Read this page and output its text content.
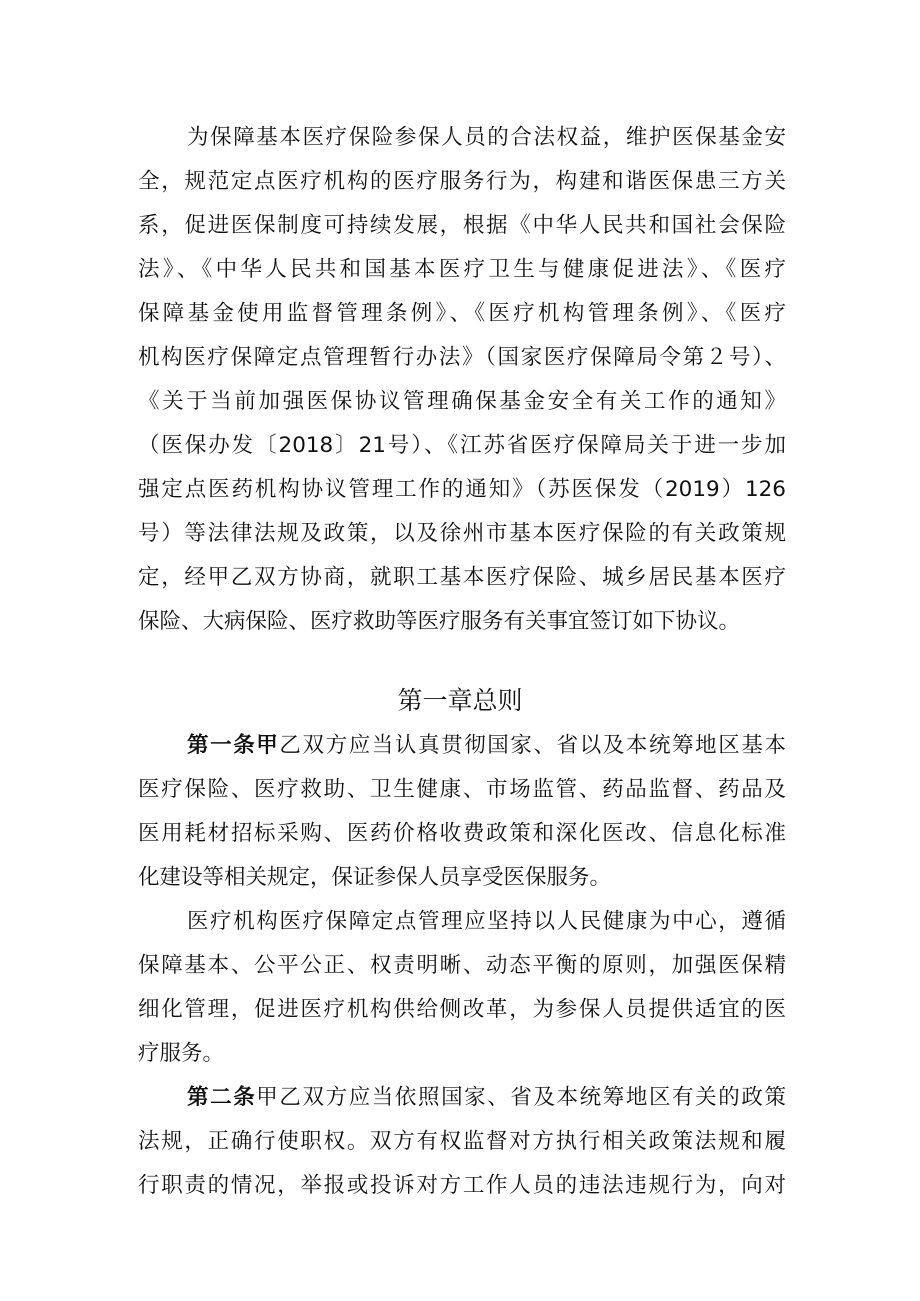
为保障基本医疗保险参保人员的合法权益，维护医保基金安
全，规范定点医疗机构的医疗服务行为，构建和谐医保患三方关
系，促进医保制度可持续发展，根据《中华人民共和国社会保险
法》、《中华人民共和国基本医疗卫生与健康促进法》、《医疗
保障基金使用监督管理条例》、《医疗机构管理条例》、《医疗
机构医疗保障定点管理暂行办法》（国家医疗保障局令第２号）、
《关于当前加强医保协议管理确保基金安全有关工作的通知》
（医保办发〔2018〕21号）、《江苏省医疗保障局关于进一步加
强定点医药机构协议管理工作的通知》（苏医保发（2019）126
号）等法律法规及政策，以及徐州市基本医疗保险的有关政策规
定，经甲乙双方协商，就职工基本医疗保险、城乡居民基本医疗
保险、大病保险、医疗救助等医疗服务有关事宜签订如下协议。
第一章总则
第一条甲乙双方应当认真贯彻国家、省以及本统筹地区基本
医疗保险、医疗救助、卫生健康、市场监管、药品监督、药品及
医用耗材招标采购、医药价格收费政策和深化医改、信息化标准
化建设等相关规定，保证参保人员享受医保服务。
医疗机构医疗保障定点管理应坚持以人民健康为中心，遵循
保障基本、公平公正、权责明晰、动态平衡的原则，加强医保精
细化管理，促进医疗机构供给侧改革，为参保人员提供适宜的医
疗服务。
第二条甲乙双方应当依照国家、省及本统筹地区有关的政策
法规，正确行使职权。双方有权监督对方执行相关政策法规和履
行职责的情况，举报或投诉对方工作人员的违法违规行为，向对
